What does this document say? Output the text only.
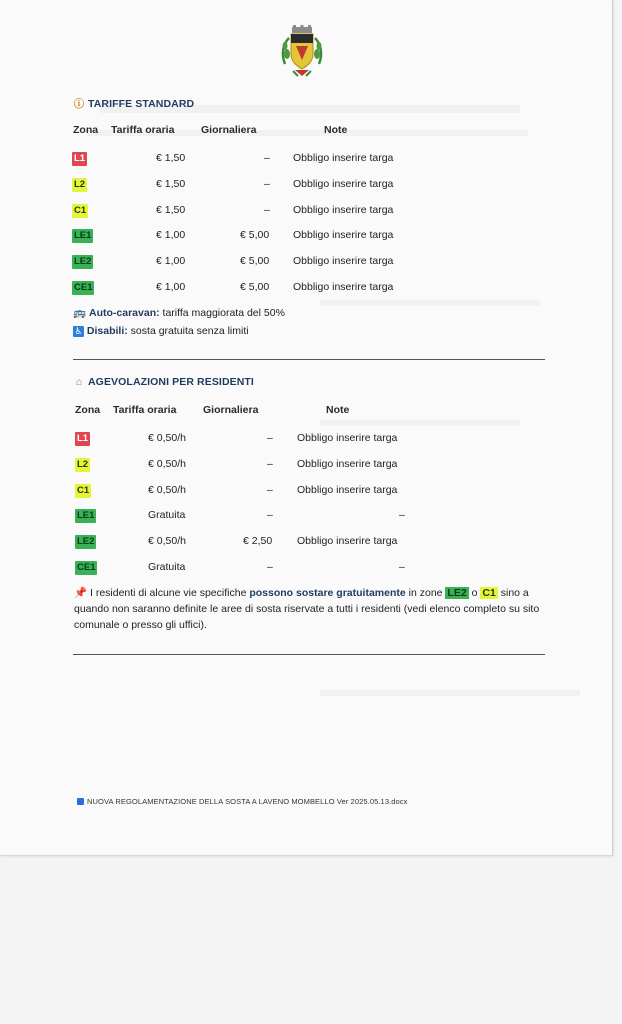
ⓘ TARIFFE STANDARD
Zona Tariffa oraria	Giornaliera	Note
L1	€ 1,50	– Obbligo inserire targa
L2	€ 1,50	– Obbligo inserire targa
C1	€ 1,50	– Obbligo inserire targa
LE1	€ 1,00	€ 5,00 Obbligo inserire targa
LE2	€ 1,00	€ 5,00 Obbligo inserire targa
CE1	€ 1,00	€ 5,00 Obbligo inserire targa
🚌 Auto-caravan: tariffa maggiorata del 50%
♿ Disabili: sosta gratuita senza limiti
⌂ AGEVOLAZIONI PER RESIDENTI
Zona Tariffa oraria	Giornaliera	Note
L1	€ 0,50/h	– Obbligo inserire targa
L2	€ 0,50/h	– Obbligo inserire targa
C1	€ 0,50/h	– Obbligo inserire targa
LE1	Gratuita	–	–
LE2	€ 0,50/h	€ 2,50 Obbligo inserire targa
CE1	Gratuita	–	–
📌 I residenti di alcune vie specifiche possono sostare gratuitamente in zone LE2 o C1 sino a quando non saranno definite le aree di sosta riservate a tutti i residenti (vedi elenco completo su sito comunale o presso gli uffici).
NUOVA REGOLAMENTAZIONE DELLA SOSTA A LAVENO MOMBELLO Ver 2025.05.13.docx
